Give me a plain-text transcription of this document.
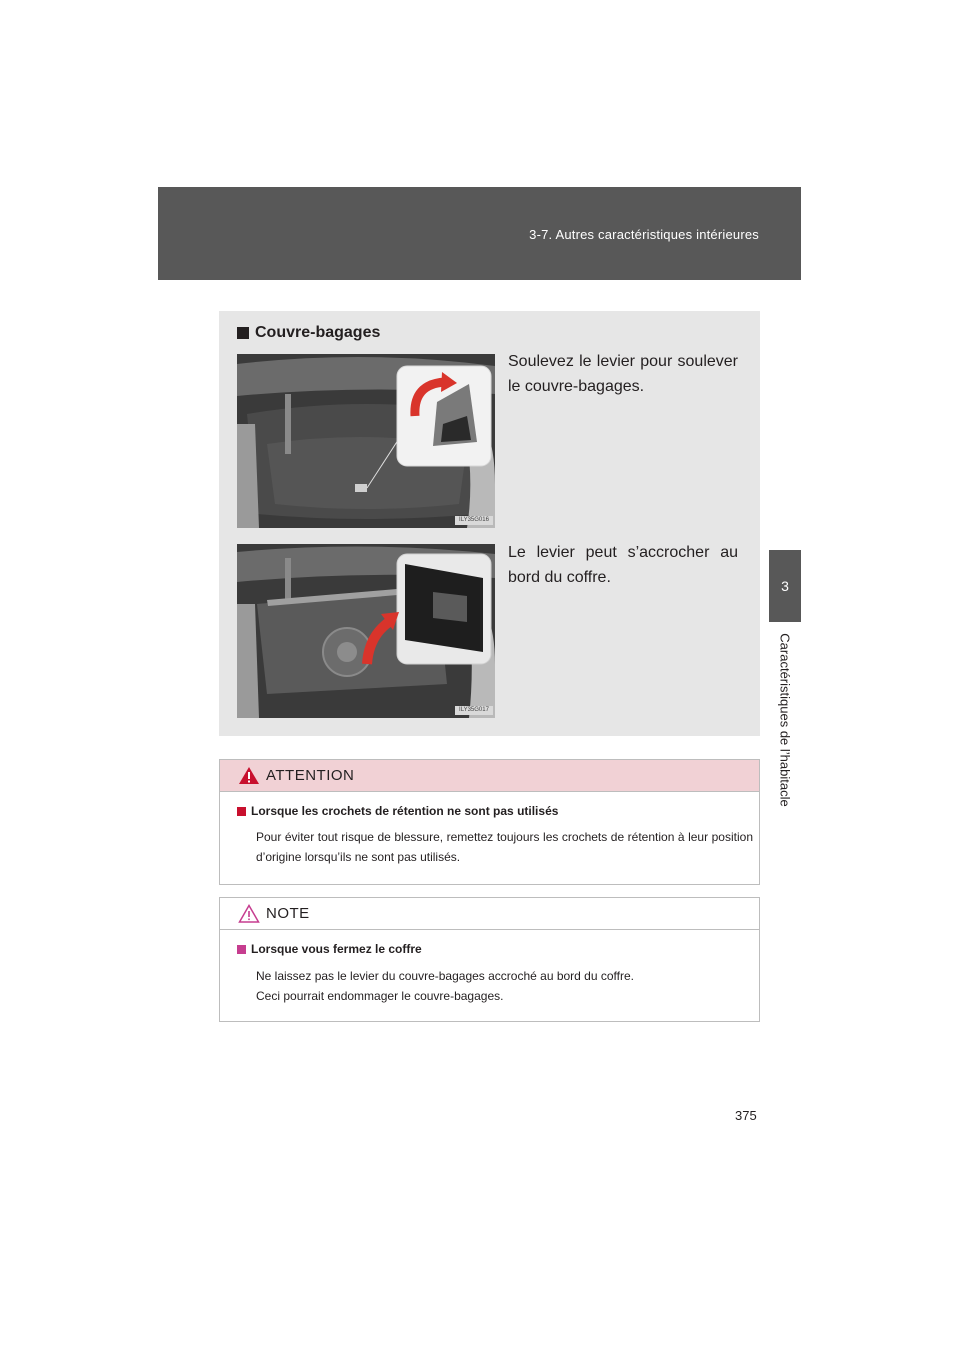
3-7. Autres caractéristiques intérieures
3
Caractéristiques de l’habitacle
Couvre-bagages
ILY35G016
Soulevez le levier pour soulever le couvre-bagages.
ILY35G017
Le levier peut s’accrocher au bord du coffre.
ATTENTION
Lorsque les crochets de rétention ne sont pas utilisés
Pour éviter tout risque de blessure, remettez toujours les crochets de rétention à leur position d’origine lorsqu’ils ne sont pas utilisés.
NOTE
Lorsque vous fermez le coffre
Ne laissez pas le levier du couvre-bagages accroché au bord du coffre.
Ceci pourrait endommager le couvre-bagages.
375
